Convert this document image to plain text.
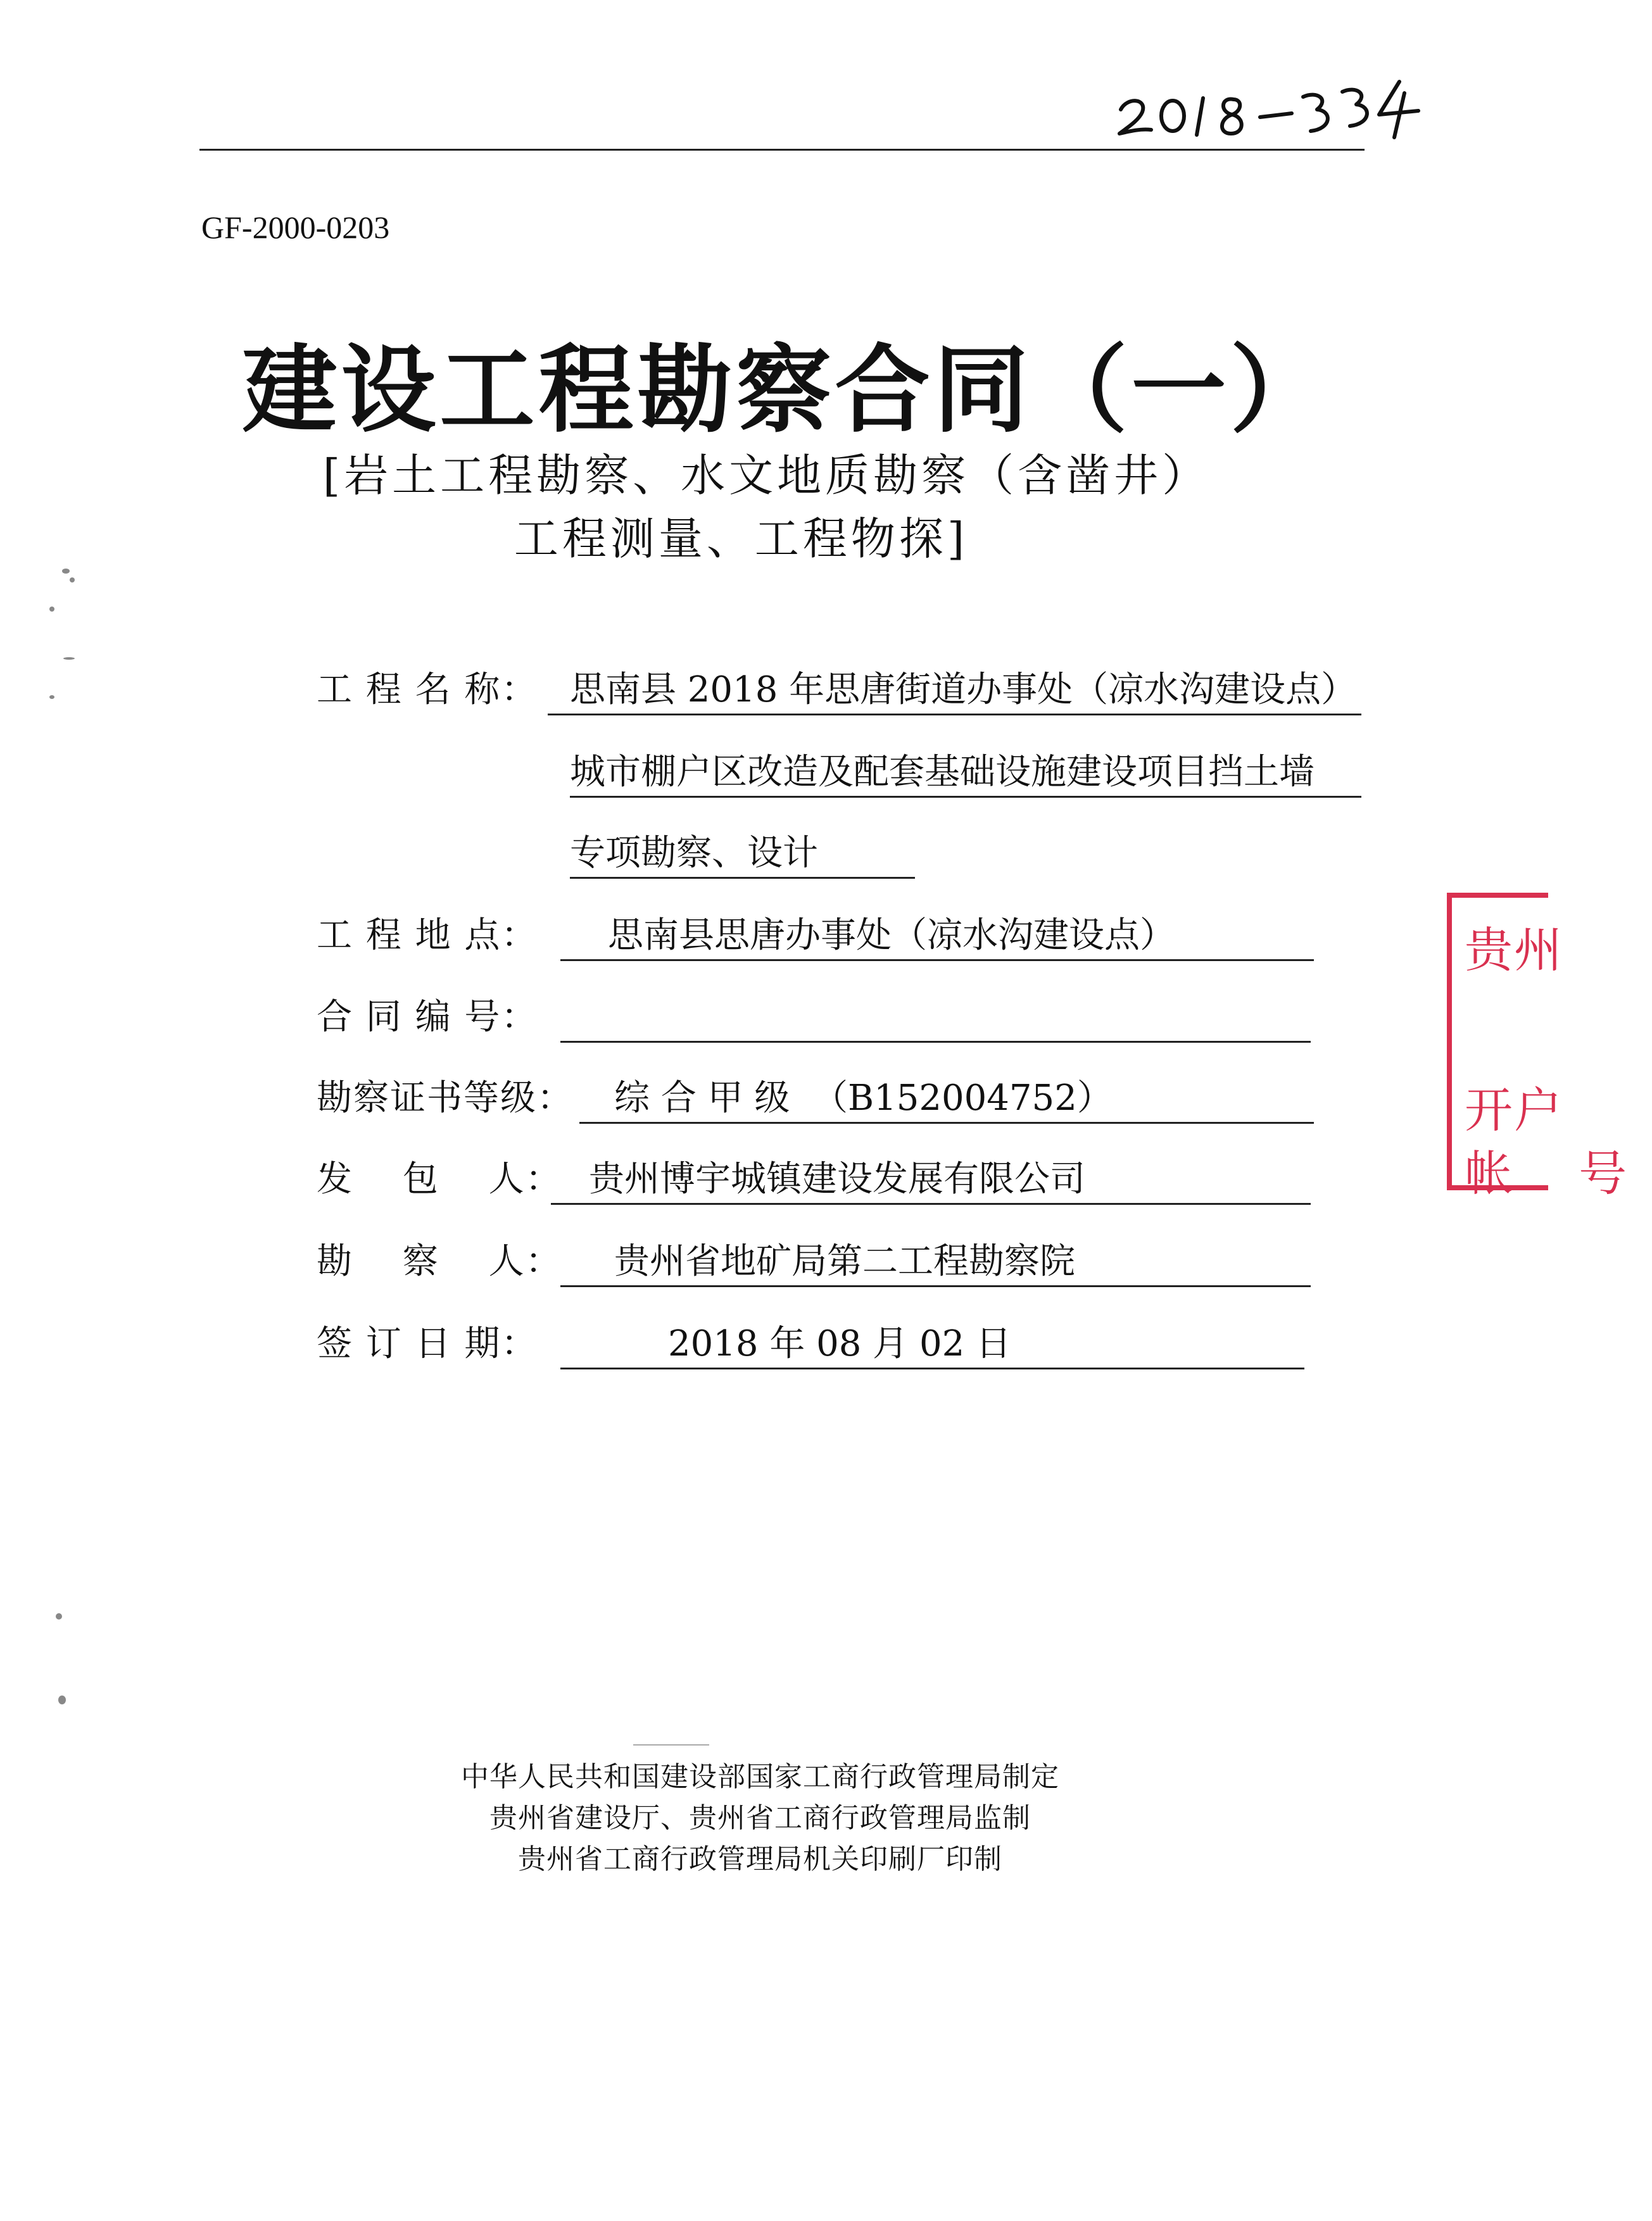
GF-2000-0203
建设工程勘察合同（一）
[岩土工程勘察、水文地质勘察（含凿井）
工程测量、工程物探]
工 程 名 称： 思南县 2018 年思唐街道办事处（凉水沟建设点）
城市棚户区改造及配套基础设施建设项目挡土墙
专项勘察、设计
工 程 地 点：	思南县思唐办事处（凉水沟建设点）
合 同 编 号：
勘察证书等级： 综 合 甲 级  （B152004752）
发　 包　 人： 贵州博宇城镇建设发展有限公司
勘　 察　 人： 贵州省地矿局第二工程勘察院
签 订 日 期：	2018 年 08 月 02 日
贵州
开户
帐 号
中华人民共和国建设部国家工商行政管理局制定
贵州省建设厅、贵州省工商行政管理局监制
贵州省工商行政管理局机关印刷厂印制
